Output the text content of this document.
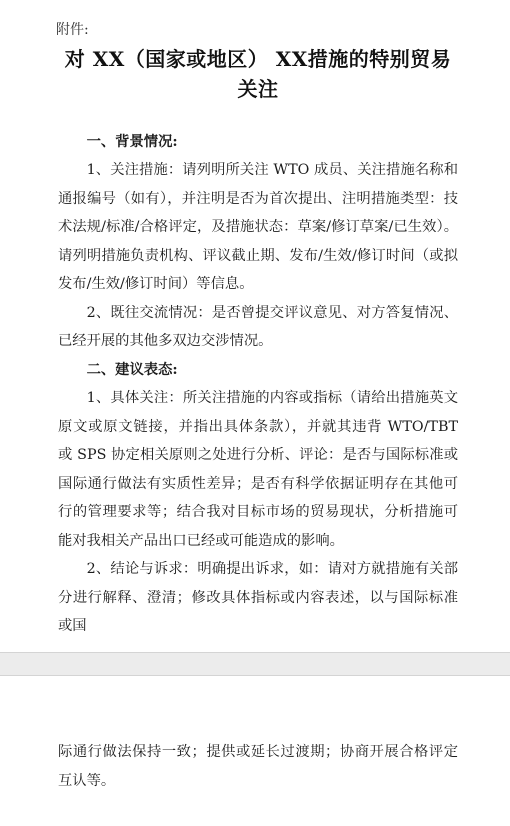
附件:

对 XX（国家或地区） XX措施的特别贸易关注

一、背景情况:

1、关注措施：请列明所关注 WTO 成员、关注措施名称和通报编号（如有），并注明是否为首次提出、注明措施类型：技术法规/标准/合格评定，及措施状态：草案/修订草案/已生效）。请列明措施负责机构、评议截止期、发布/生效/修订时间（或拟发布/生效/修订时间）等信息。

2、既往交流情况：是否曾提交评议意见、对方答复情况、已经开展的其他多双边交涉情况。

二、建议表态:

1、具体关注：所关注措施的内容或指标（请给出措施英文原文或原文链接，并指出具体条款），并就其违背 WTO/TBT 或 SPS 协定相关原则之处进行分析、评论：是否与国际标准或国际通行做法有实质性差异；是否有科学依据证明存在其他可行的管理要求等；结合我对目标市场的贸易现状，分析措施可能对我相关产品出口已经或可能造成的影响。

2、结论与诉求：明确提出诉求，如：请对方就措施有关部分进行解释、澄清；修改具体指标或内容表述，以与国际标准或国

际通行做法保持一致；提供或延长过渡期；协商开展合格评定互认等。
